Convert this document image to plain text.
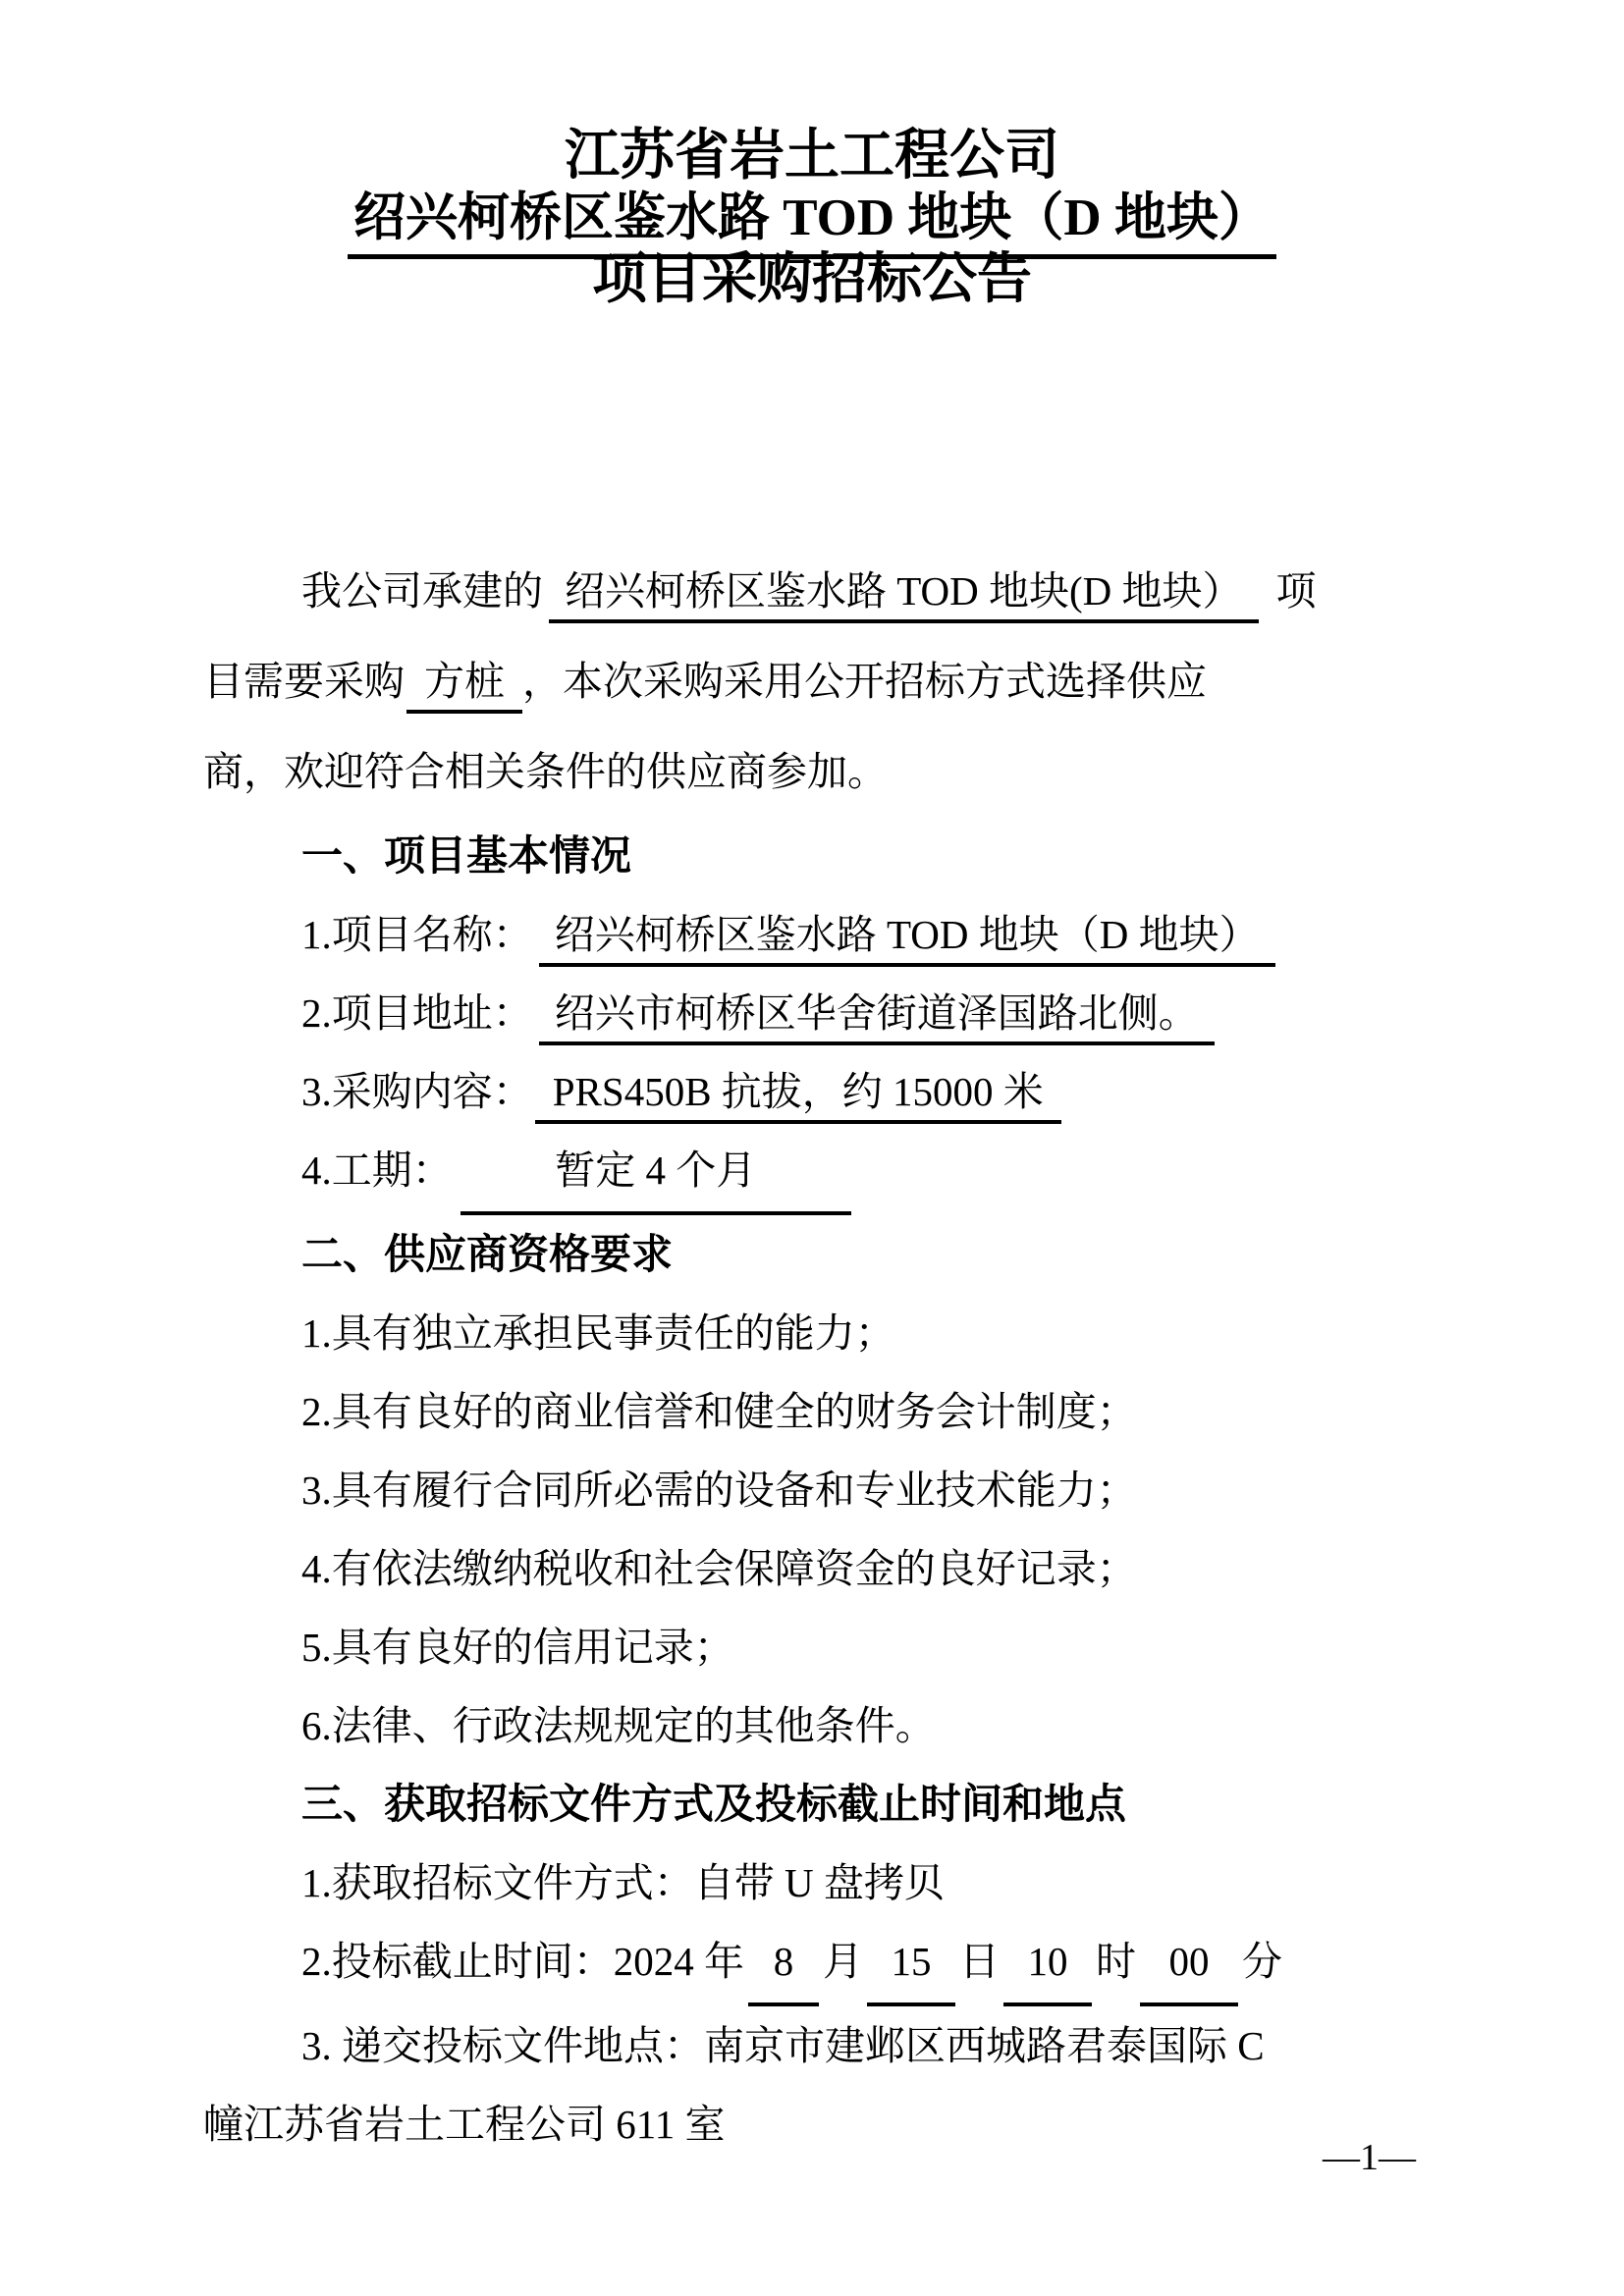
江苏省岩土工程公司
绍兴柯桥区鉴水路 TOD 地块（D 地块）
项目采购招标公告
我公司承建的 绍兴柯桥区鉴水路 TOD 地块(D 地块） 项
目需要采购 方桩 ，本次采购采用公开招标方式选择供应
商，欢迎符合相关条件的供应商参加。
一、项目基本情况
1.项目名称： 绍兴柯桥区鉴水路 TOD 地块（D 地块）
2.项目地址： 绍兴市柯桥区华舍街道泽国路北侧。
3.采购内容： PRS450B 抗拔，约 15000 米
4.工期：	暂定 4 个月
二、供应商资格要求
1.具有独立承担民事责任的能力；
2.具有良好的商业信誉和健全的财务会计制度；
3.具有履行合同所必需的设备和专业技术能力；
4.有依法缴纳税收和社会保障资金的良好记录；
5.具有良好的信用记录；
6.法律、行政法规规定的其他条件。
三、获取招标文件方式及投标截止时间和地点
1.获取招标文件方式：自带 U 盘拷贝
2.投标截止时间：2024 年 8 月 15 日 10 时 00 分
3. 递交投标文件地点：南京市建邺区西城路君泰国际 C
幢江苏省岩土工程公司 611 室
—1—
